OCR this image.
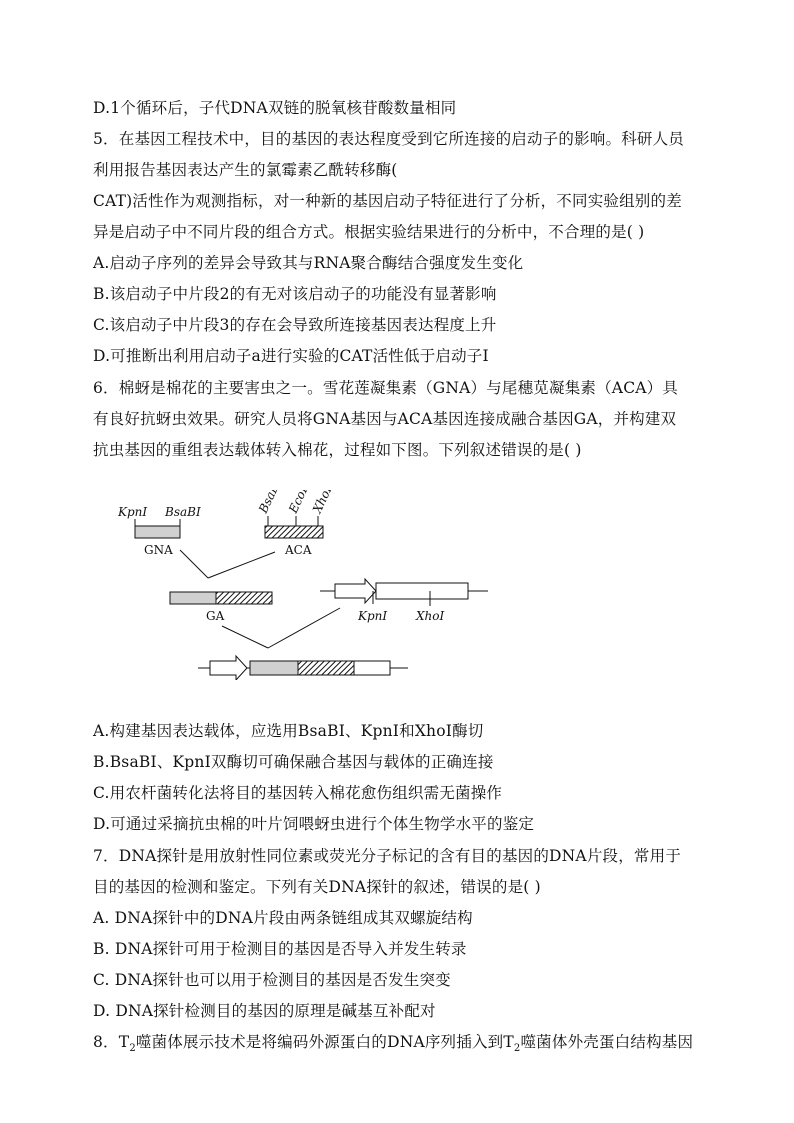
D.1个循环后，子代DNA双链的脱氧核苷酸数量相同
5．在基因工程技术中，目的基因的表达程度受到它所连接的启动子的影响。科研人员
利用报告基因表达产生的氯霉素乙酰转移酶(
CAT)活性作为观测指标，对一种新的基因启动子特征进行了分析，不同实验组别的差
异是启动子中不同片段的组合方式。根据实验结果进行的分析中，不合理的是( )
A.启动子序列的差异会导致其与RNA聚合酶结合强度发生变化
B.该启动子中片段2的有无对该启动子的功能没有显著影响
C.该启动子中片段3的存在会导致所连接基因表达程度上升
D.可推断出利用启动子a进行实验的CAT活性低于启动子I
6．棉蚜是棉花的主要害虫之一。雪花莲凝集素（GNA）与尾穗苋凝集素（ACA）具
有良好抗蚜虫效果。研究人员将GNA基因与ACA基因连接成融合基因GA，并构建双
抗虫基因的重组表达载体转入棉花，过程如下图。下列叙述错误的是( )
KpnⅠ BsaBⅠ
GNA
BsaBI EcoRI
XhoI
ACA
GA	KpnⅠ XhoⅠ
A.构建基因表达载体，应选用BsaBⅠ、KpnⅠ和XhoⅠ酶切
B.BsaBⅠ、KpnⅠ双酶切可确保融合基因与载体的正确连接
C.用农杆菌转化法将目的基因转入棉花愈伤组织需无菌操作
D.可通过采摘抗虫棉的叶片饲喂蚜虫进行个体生物学水平的鉴定
7．DNA探针是用放射性同位素或荧光分子标记的含有目的基因的DNA片段，常用于
目的基因的检测和鉴定。下列有关DNA探针的叙述，错误的是( )
A. DNA探针中的DNA片段由两条链组成其双螺旋结构
B. DNA探针可用于检测目的基因是否导入并发生转录
C. DNA探针也可以用于检测目的基因是否发生突变
D. DNA探针检测目的基因的原理是碱基互补配对
8．$T_2$噬菌体展示技术是将编码外源蛋白的DNA序列插入到$T_2$噬菌体外壳蛋白结构基因
